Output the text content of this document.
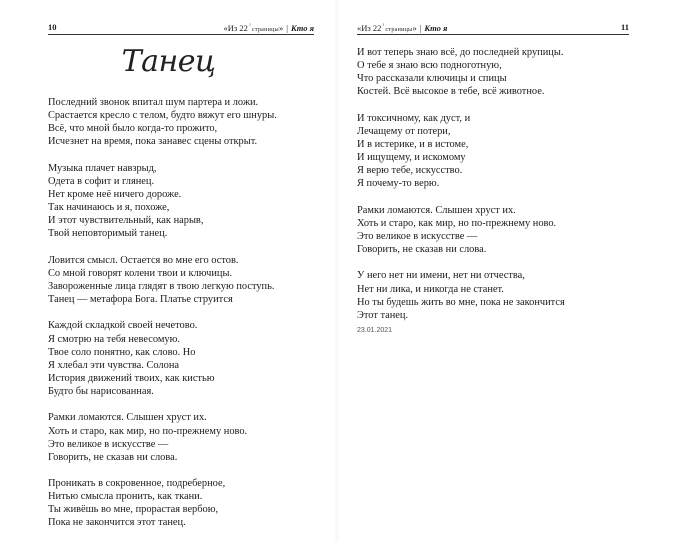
10	«Из 22 $^{^2}$ страницы» | Кто я
Танец
Последний звонок впитал шум партера и ложи.
Срастается кресло с телом, будто вяжут его шнуры.
Всё, что мной было когда-то прожито,
Исчезнет на время, пока занавес сцены открыт.
Музыка плачет навзрыд,
Одета в софит и глянец.
Нет кроме неё ничего дороже.
Так начинаюсь и я, похоже,
И этот чувствительный, как нарыв,
Твой неповторимый танец.
Ловится смысл. Остается во мне его остов.
Со мной говорят колени твои и ключицы.
Завороженные лица глядят в твою легкую поступь.
Танец — метафора Бога. Платье струится
Каждой складкой своей нечетово.
Я смотрю на тебя невесомую.
Твое соло понятно, как слово. Но
Я хлебал эти чувства. Солона
История движений твоих, как кистью
Будто бы нарисованная.
Рамки ломаются. Слышен хруст их.
Хоть и старо, как мир, но по-прежнему ново.
Это великое в искусстве —
Говорить, не сказав ни слова.
Проникать в сокровенное, подреберное,
Нитью смысла пронить, как ткани.
Ты живёшь во мне, прорастая вербою,
Пока не закончится этот танец.
«Из 22 $^{^2}$ страницы» | Кто я	11
И вот теперь знаю всё, до последней крупицы.
О тебе я знаю всю подноготную,
Что рассказали ключицы и спицы
Костей. Всё высокое в тебе, всё животное.
И токсичному, как дуст, и
Лечащему от потери,
И в истерике, и в истоме,
И ищущему, и искомому
Я верю тебе, искусство.
Я почему-то верю.
Рамки ломаются. Слышен хруст их.
Хоть и старо, как мир, но по-прежнему ново.
Это великое в искусстве —
Говорить, не сказав ни слова.
У него нет ни имени, нет ни отчества,
Нет ни лика, и никогда не станет.
Но ты будешь жить во мне, пока не закончится
Этот танец.
23.01.2021
